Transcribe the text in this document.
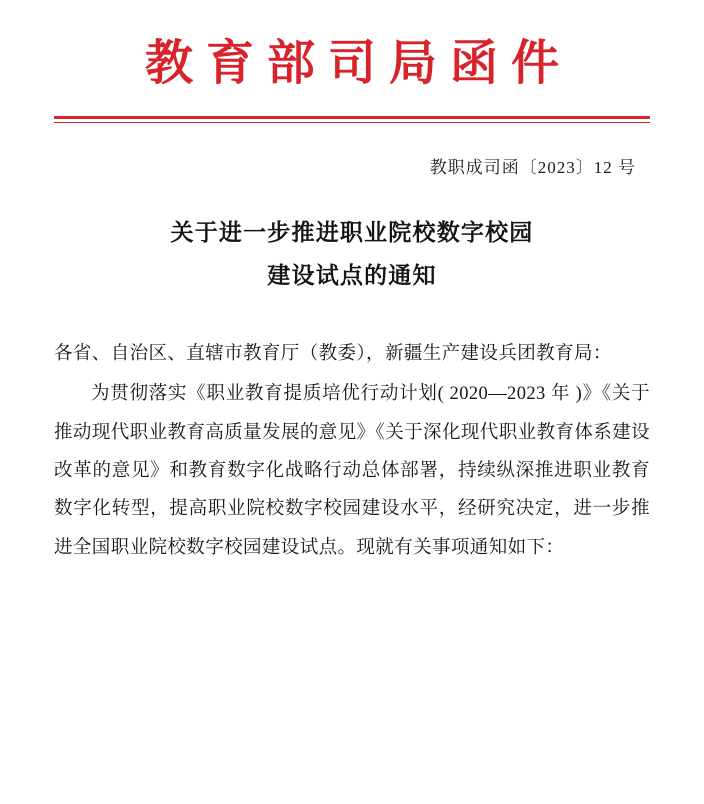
教育部司局函件
教职成司函〔2023〕12 号
关于进一步推进职业院校数字校园
建设试点的通知

各省、自治区、直辖市教育厅（教委），新疆生产建设兵团教育局：

为贯彻落实《职业教育提质培优行动计划( 2020—2023 年 )》《关于推动现代职业教育高质量发展的意见》《关于深化现代职业教育体系建设改革的意见》和教育数字化战略行动总体部署，持续纵深推进职业教育数字化转型，提高职业院校数字校园建设水平，经研究决定，进一步推进全国职业院校数字校园建设试点。现就有关事项通知如下：
